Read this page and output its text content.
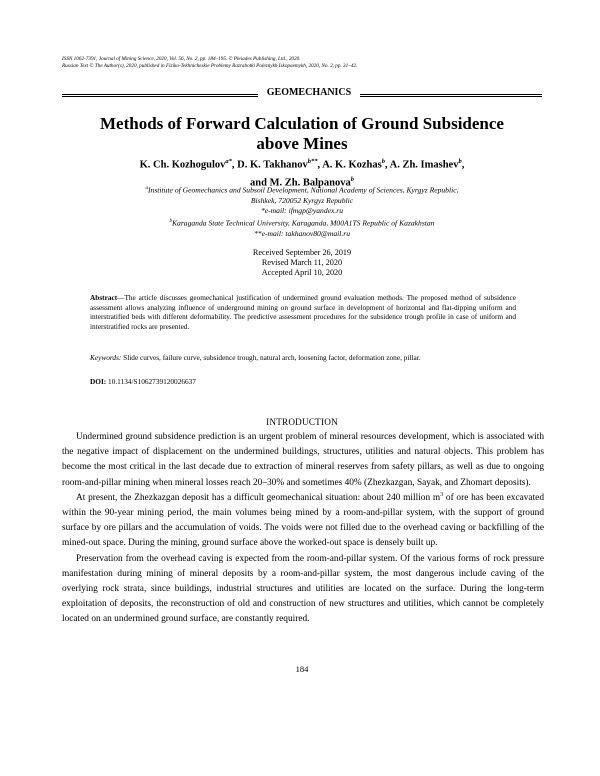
ISSN 1062-7391, Journal of Mining Science, 2020, Vol. 56, No. 2, pp. 184–195. © Pleiades Publishing, Ltd., 2020.
Russian Text © The Author(s), 2020, published in Fiziko-Tekhnicheskie Problemy Razrabotki Poleznykh Iskopaemykh, 2020, No. 2, pp. 31–42.
GEOMECHANICS
Methods of Forward Calculation of Ground Subsidence
above Mines
K. Ch. Kozhogulov$^{a*}$, D. K. Takhanov$^{b**}$, A. K. Kozhas$^b$, A. Zh. Imashev$^b$,
and M. Zh. Balpanova$^b$
$^a$Institute of Geomechanics and Subsoil Development, National Academy of Sciences, Kyrgyz Republic,
Bishkek, 720052 Kyrgyz Republic
*e-mail: ifmgp@yandex.ru
$^b$Karaganda State Technical University, Karaganda, M00A1TS Republic of Kazakhstan
**e-mail: takhanov80@mail.ru
Received September 26, 2019
Revised March 11, 2020
Accepted April 10, 2020
Abstract—The article discusses geomechanical justification of undermined ground evaluation methods. The proposed method of subsidence assessment allows analyzing influence of underground mining on ground surface in development of horizontal and flat-dipping uniform and interstratified beds with different deformability. The predictive assessment procedures for the subsidence trough profile in case of uniform and interstratified rocks are presented.
Keywords: Slide curves, failure curve, subsidence trough, natural arch, loosening factor, deformation zone, pillar.
DOI: 10.1134/S1062739120026637
INTRODUCTION

Undermined ground subsidence prediction is an urgent problem of mineral resources development, which is associated with the negative impact of displacement on the undermined buildings, structures, utilities and natural objects. This problem has become the most critical in the last decade due to extraction of mineral reserves from safety pillars, as well as due to ongoing room-and-pillar mining when mineral losses reach 20–30% and sometimes 40% (Zhezkazgan, Sayak, and Zhomart deposits).

At present, the Zhezkazgan deposit has a difficult geomechanical situation: about 240 million $m^3$ of ore has been excavated within the 90-year mining period, the main volumes being mined by a room-and-pillar system, with the support of ground surface by ore pillars and the accumulation of voids. The voids were not filled due to the overhead caving or backfilling of the mined-out space. During the mining, ground surface above the worked-out space is densely built up.

Preservation from the overhead caving is expected from the room-and-pillar system. Of the various forms of rock pressure manifestation during mining of mineral deposits by a room-and-pillar system, the most dangerous include caving of the overlying rock strata, since buildings, industrial structures and utilities are located on the surface. During the long-term exploitation of deposits, the reconstruction of old and construction of new structures and utilities, which cannot be completely located on an undermined ground surface, are constantly required.

184
